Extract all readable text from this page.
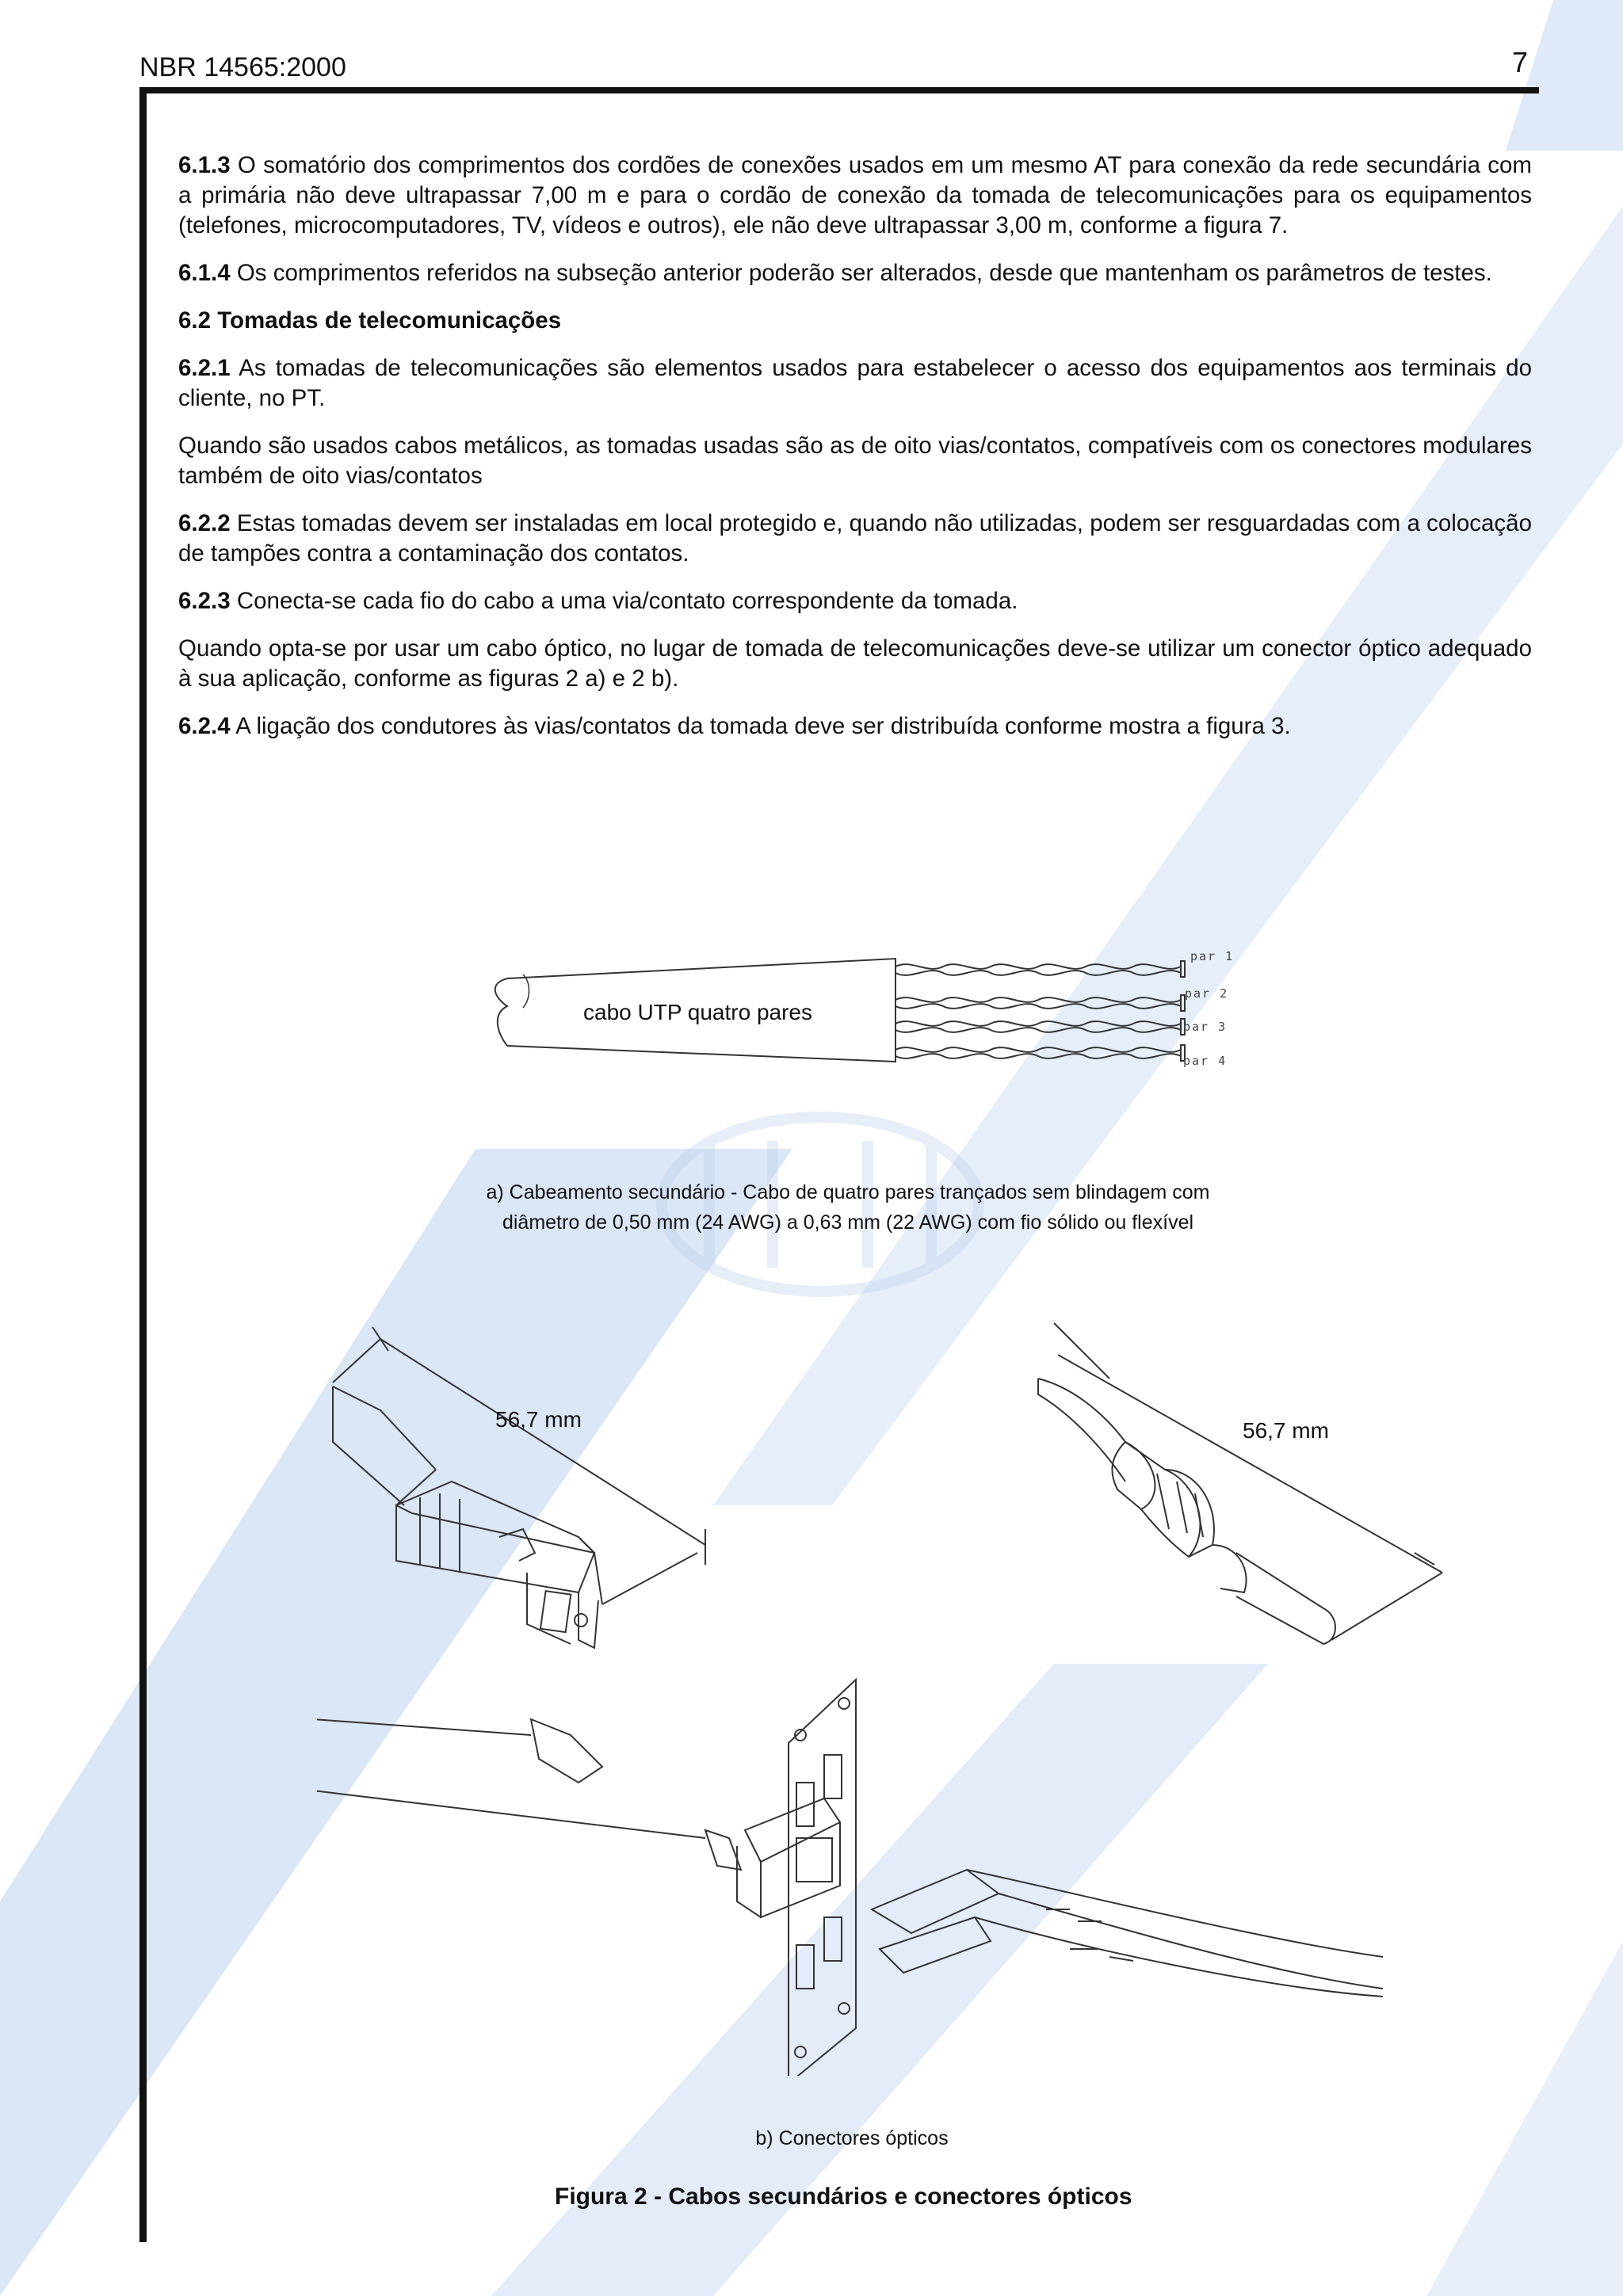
NBR 14565:2000	7

6.1.3 O somatório dos comprimentos dos cordões de conexões usados em um mesmo AT para conexão da rede secundária com a primária não deve ultrapassar 7,00 m e para o cordão de conexão da tomada de telecomunicações para os equipamentos (telefones, microcomputadores, TV, vídeos e outros), ele não deve ultrapassar 3,00 m, conforme a figura 7.

6.1.4 Os comprimentos referidos na subseção anterior poderão ser alterados, desde que mantenham os parâmetros de testes.

6.2 Tomadas de telecomunicações

6.2.1 As tomadas de telecomunicações são elementos usados para estabelecer o acesso dos equipamentos aos terminais do cliente, no PT.

Quando são usados cabos metálicos, as tomadas usadas são as de oito vias/contatos, compatíveis com os conectores modulares também de oito vias/contatos

6.2.2 Estas tomadas devem ser instaladas em local protegido e, quando não utilizadas, podem ser resguardadas com a colocação de tampões contra a contaminação dos contatos.

6.2.3 Conecta-se cada fio do cabo a uma via/contato correspondente da tomada.

Quando opta-se por usar um cabo óptico, no lugar de tomada de telecomunicações deve-se utilizar um conector óptico adequado à sua aplicação, conforme as figuras 2 a) e 2 b).

6.2.4 A ligação dos condutores às vias/contatos da tomada deve ser distribuída conforme mostra a figura 3.

cabo UTP quatro pares
par 1
par 2
par 3
par 4
a) Cabeamento secundário - Cabo de quatro pares trançados sem blindagem com
diâmetro de 0,50 mm (24 AWG) a 0,63 mm (22 AWG) com fio sólido ou flexível
56,7 mm	56,7 mm
b) Conectores ópticos
Figura 2 - Cabos secundários e conectores ópticos
